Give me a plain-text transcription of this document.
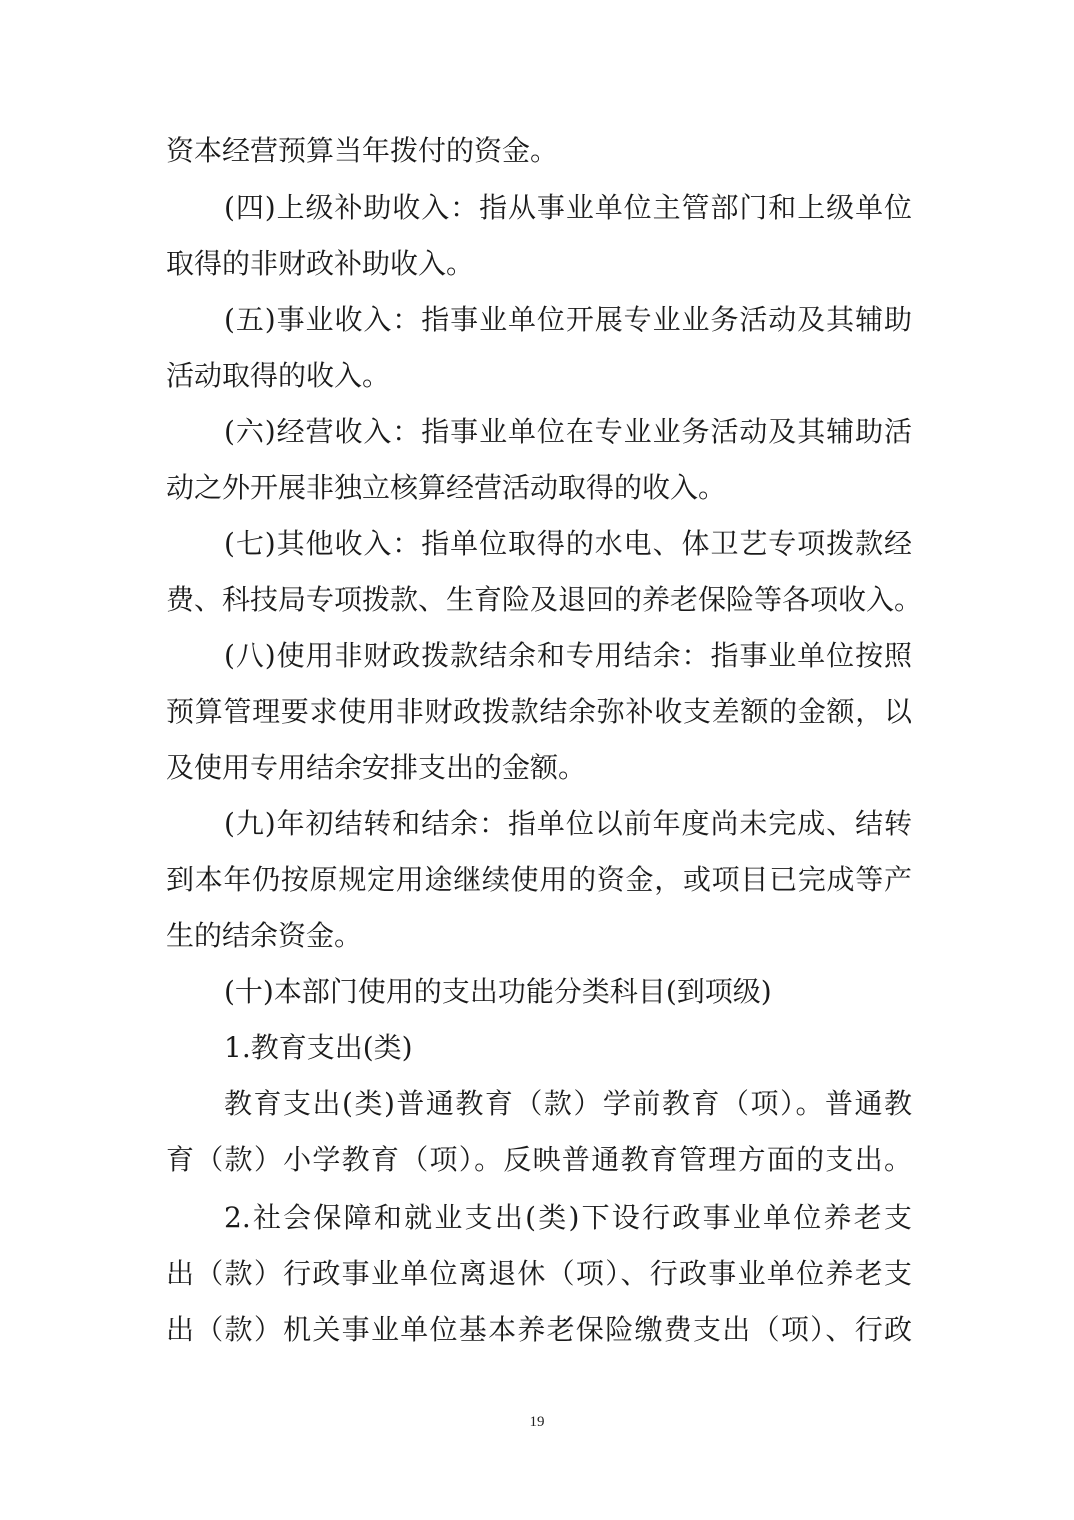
资本经营预算当年拨付的资金。
(四)上级补助收入：指从事业单位主管部门和上级单位
取得的非财政补助收入。
(五)事业收入：指事业单位开展专业业务活动及其辅助
活动取得的收入。
(六)经营收入：指事业单位在专业业务活动及其辅助活
动之外开展非独立核算经营活动取得的收入。
(七)其他收入：指单位取得的水电、体卫艺专项拨款经
费、科技局专项拨款、生育险及退回的养老保险等各项收入。
(八)使用非财政拨款结余和专用结余：指事业单位按照
预算管理要求使用非财政拨款结余弥补收支差额的金额，以
及使用专用结余安排支出的金额。
(九)年初结转和结余：指单位以前年度尚未完成、结转
到本年仍按原规定用途继续使用的资金，或项目已完成等产
生的结余资金。
(十)本部门使用的支出功能分类科目(到项级)
1.教育支出(类)
教育支出(类)普通教育（款）学前教育（项）。普通教
育（款）小学教育（项）。反映普通教育管理方面的支出。
2.社会保障和就业支出(类)下设行政事业单位养老支
出（款）行政事业单位离退休（项）、行政事业单位养老支
出（款）机关事业单位基本养老保险缴费支出（项）、行政
19
